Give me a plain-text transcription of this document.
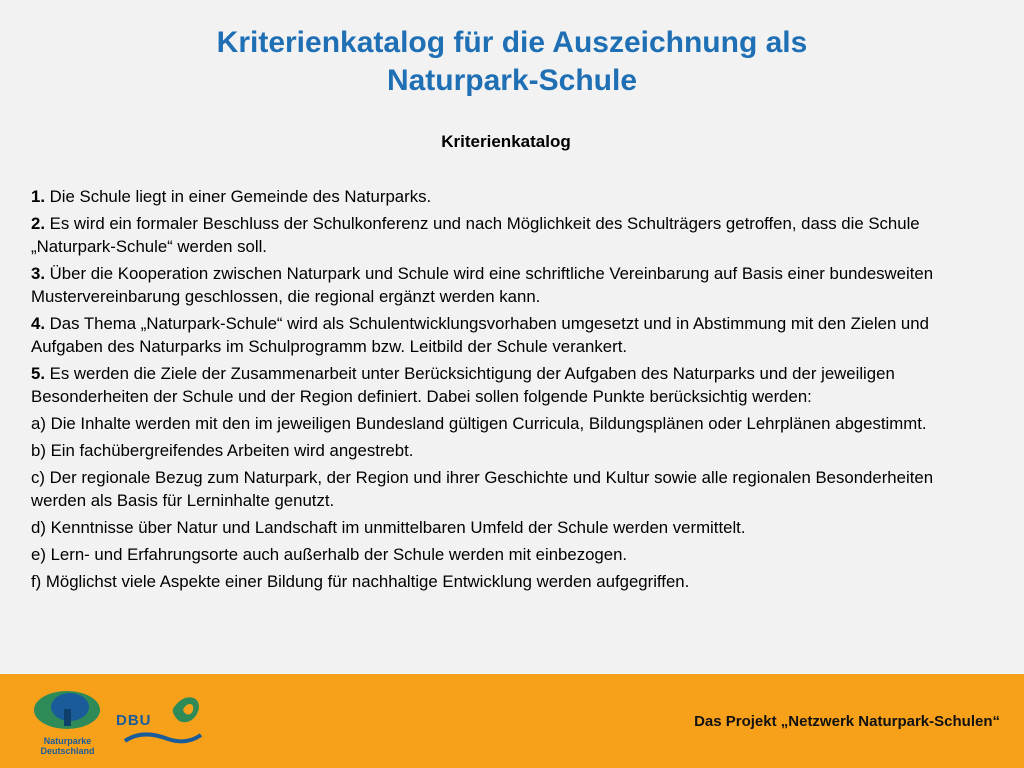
Kriterienkatalog für die Auszeichnung als
Naturpark-Schule
Kriterienkatalog
1. Die Schule liegt in einer Gemeinde des Naturparks.
2. Es wird ein formaler Beschluss der Schulkonferenz und nach Möglichkeit des Schulträgers getroffen, dass die Schule „Naturpark-Schule“ werden soll.
3. Über die Kooperation zwischen Naturpark und Schule wird eine schriftliche Vereinbarung auf Basis einer bundesweiten Mustervereinbarung geschlossen, die regional ergänzt werden kann.
4. Das Thema „Naturpark-Schule“ wird als Schulentwicklungsvorhaben umgesetzt und in Abstimmung mit den Zielen und Aufgaben des Naturparks im Schulprogramm bzw. Leitbild der Schule verankert.
5. Es werden die Ziele der Zusammenarbeit unter Berücksichtigung der Aufgaben des Naturparks und der jeweiligen Besonderheiten der Schule und der Region definiert. Dabei sollen folgende Punkte berücksichtig werden:
a) Die Inhalte werden mit den im jeweiligen Bundesland gültigen Curricula, Bildungsplänen oder Lehrplänen abgestimmt.
b) Ein fachübergreifendes Arbeiten wird angestrebt.
c) Der regionale Bezug zum Naturpark, der Region und ihrer Geschichte und Kultur sowie alle regionalen Besonderheiten werden als Basis für Lerninhalte genutzt.
d) Kenntnisse über Natur und Landschaft im unmittelbaren Umfeld der Schule werden vermittelt.
e) Lern- und Erfahrungsorte auch außerhalb der Schule werden mit einbezogen.
f) Möglichst viele Aspekte einer Bildung für nachhaltige Entwicklung werden aufgegriffen.
Naturparke Deutschland
DBU	Das Projekt „Netzwerk Naturpark-Schulen“
